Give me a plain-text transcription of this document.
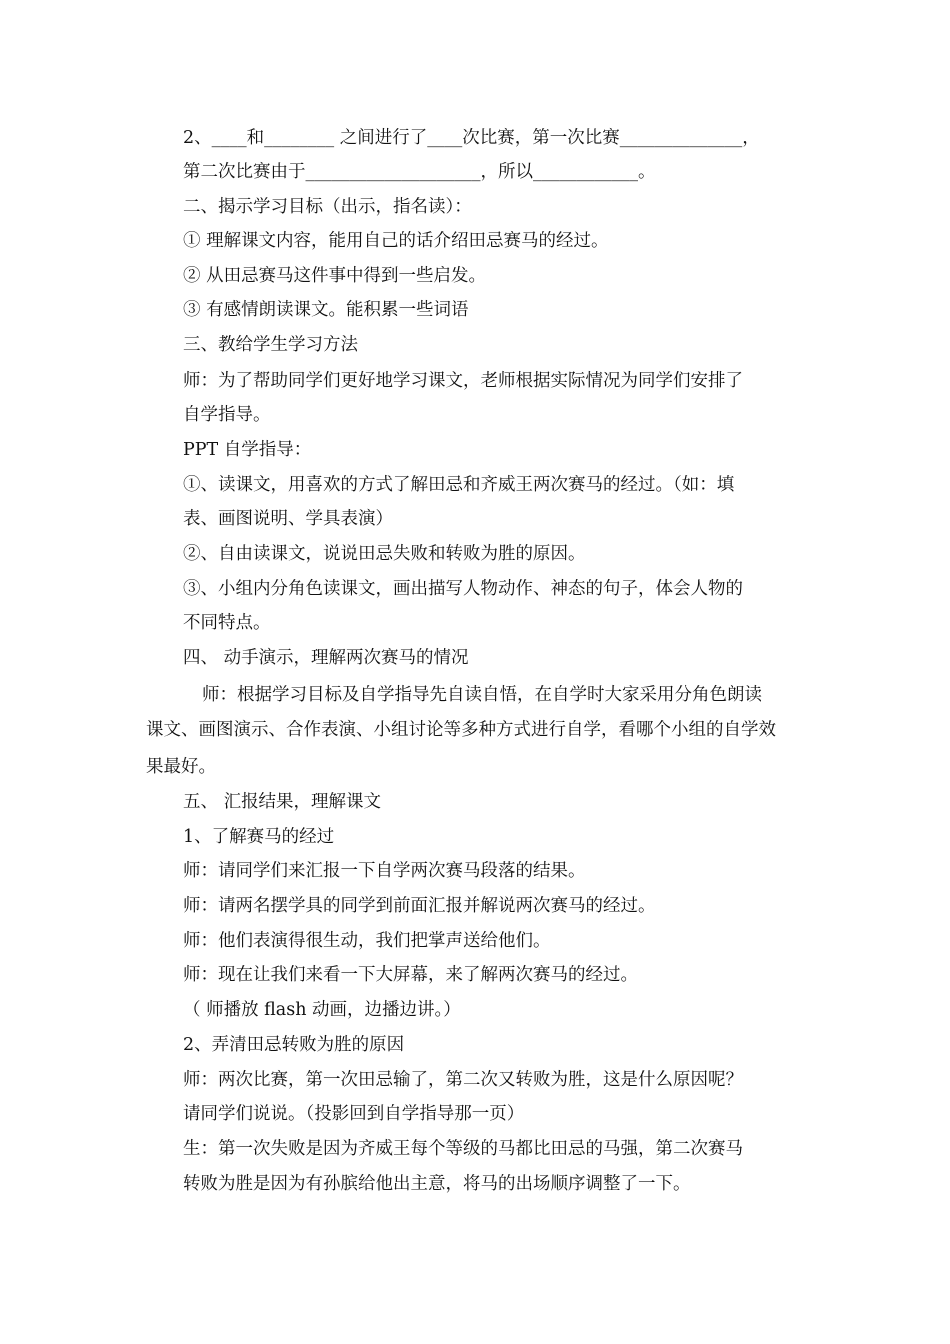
2、____和________ 之间进行了____次比赛，第一次比赛______________，

第二次比赛由于____________________，所以____________。

二、揭示学习目标（出示，指名读）：

① 理解课文内容，能用自己的话介绍田忌赛马的经过。

② 从田忌赛马这件事中得到一些启发。

③ 有感情朗读课文。能积累一些词语

三、教给学生学习方法

师：为了帮助同学们更好地学习课文，老师根据实际情况为同学们安排了

自学指导。

PPT 自学指导：

①、读课文，用喜欢的方式了解田忌和齐威王两次赛马的经过。（如：填

表、画图说明、学具表演）

②、自由读课文，说说田忌失败和转败为胜的原因。

③、小组内分角色读课文，画出描写人物动作、神态的句子，体会人物的

不同特点。

四、 动手演示，理解两次赛马的情况

师：根据学习目标及自学指导先自读自悟，在自学时大家采用分角色朗读

课文、画图演示、合作表演、小组讨论等多种方式进行自学，看哪个小组的自学效

果最好。

五、 汇报结果，理解课文

1、了解赛马的经过

师：请同学们来汇报一下自学两次赛马段落的结果。

师：请两名摆学具的同学到前面汇报并解说两次赛马的经过。

师：他们表演得很生动，我们把掌声送给他们。

师：现在让我们来看一下大屏幕，来了解两次赛马的经过。

（ 师播放 flash 动画，边播边讲。）

2、弄清田忌转败为胜的原因

师：两次比赛，第一次田忌输了，第二次又转败为胜，这是什么原因呢？

请同学们说说。（投影回到自学指导那一页）

生：第一次失败是因为齐威王每个等级的马都比田忌的马强，第二次赛马

转败为胜是因为有孙膑给他出主意，将马的出场顺序调整了一下。
